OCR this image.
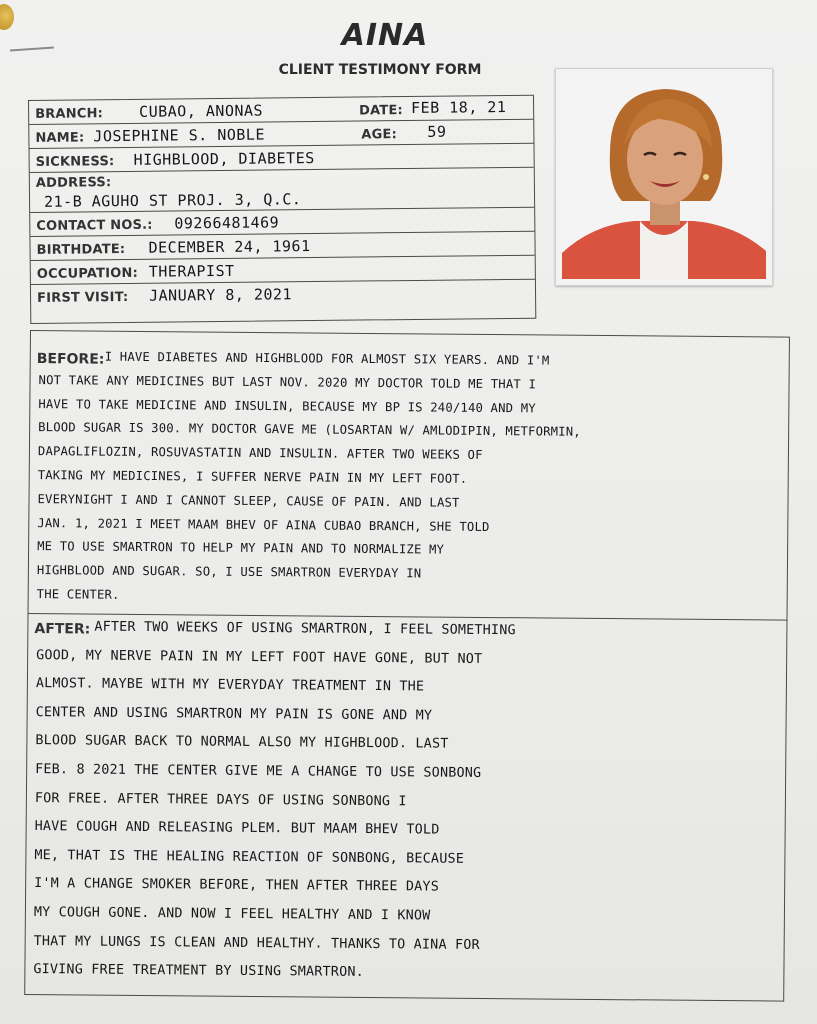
AINA
CLIENT TESTIMONY FORM
BRANCH: CUBAO, ANONAS	DATE: FEB 18, 21
NAME: JOSEPHINE S. NOBLE	AGE: 59
SICKNESS: HIGHBLOOD, DIABETES
ADDRESS:
21-B AGUHO ST PROJ. 3, Q.C.
CONTACT NOS.: 09266481469
BIRTHDATE: DECEMBER 24, 1961
OCCUPATION: THERAPIST
FIRST VISIT: JANUARY 8, 2021
BEFORE: I HAVE DIABETES AND HIGHBLOOD FOR ALMOST SIX YEARS. AND I'M
NOT TAKE ANY MEDICINES BUT LAST NOV. 2020 MY DOCTOR TOLD ME THAT I
HAVE TO TAKE MEDICINE AND INSULIN, BECAUSE MY BP IS 240/140 AND MY
BLOOD SUGAR IS 300. MY DOCTOR GAVE ME (LOSARTAN W/ AMLODIPIN, METFORMIN,
DAPAGLIFLOZIN, ROSUVASTATIN AND INSULIN. AFTER TWO WEEKS OF
TAKING MY MEDICINES, I SUFFER NERVE PAIN IN MY LEFT FOOT.
EVERYNIGHT I AND I CANNOT SLEEP, CAUSE OF PAIN. AND LAST
JAN. 1, 2021 I MEET MAAM BHEV OF AINA CUBAO BRANCH, SHE TOLD
ME TO USE SMARTRON TO HELP MY PAIN AND TO NORMALIZE MY
HIGHBLOOD AND SUGAR. SO, I USE SMARTRON EVERYDAY IN
THE CENTER.
AFTER: AFTER TWO WEEKS OF USING SMARTRON, I FEEL SOMETHING
GOOD, MY NERVE PAIN IN MY LEFT FOOT HAVE GONE, BUT NOT
ALMOST. MAYBE WITH MY EVERYDAY TREATMENT IN THE
CENTER AND USING SMARTRON MY PAIN IS GONE AND MY
BLOOD SUGAR BACK TO NORMAL ALSO MY HIGHBLOOD. LAST
FEB. 8 2021 THE CENTER GIVE ME A CHANGE TO USE SONBONG
FOR FREE. AFTER THREE DAYS OF USING SONBONG I
HAVE COUGH AND RELEASING PLEM. BUT MAAM BHEV TOLD
ME, THAT IS THE HEALING REACTION OF SONBONG, BECAUSE
I'M A CHANGE SMOKER BEFORE, THEN AFTER THREE DAYS
MY COUGH GONE. AND NOW I FEEL HEALTHY AND I KNOW
THAT MY LUNGS IS CLEAN AND HEALTHY. THANKS TO AINA FOR
GIVING FREE TREATMENT BY USING SMARTRON.
